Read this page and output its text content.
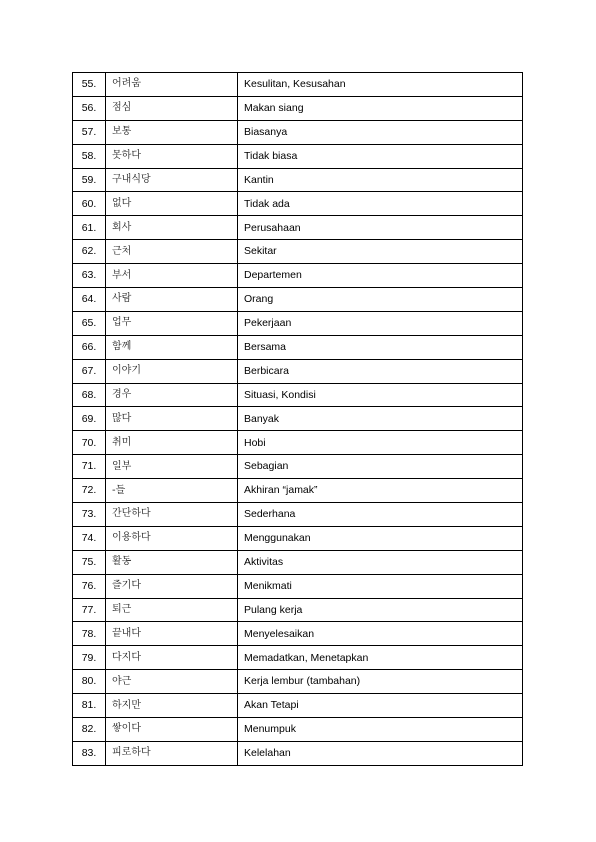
55.	어려움	Kesulitan, Kesusahan
56.	점심	Makan siang
57.	보통	Biasanya
58.	못하다	Tidak biasa
59.	구내식당	Kantin
60.	없다	Tidak ada
61.	회사	Perusahaan
62.	근처	Sekitar
63.	부서	Departemen
64.	사람	Orang
65.	업무	Pekerjaan
66.	함께	Bersama
67.	이야기	Berbicara
68.	경우	Situasi, Kondisi
69.	많다	Banyak
70.	취미	Hobi
71.	일부	Sebagian
72.	-들	Akhiran “jamak”
73.	간단하다	Sederhana
74.	이용하다	Menggunakan
75.	활동	Aktivitas
76.	즐기다	Menikmati
77.	퇴근	Pulang kerja
78.	끝내다	Menyelesaikan
79.	다지다	Memadatkan, Menetapkan
80.	야근	Kerja lembur (tambahan)
81.	하지만	Akan Tetapi
82.	쌓이다	Menumpuk
83.	피로하다	Kelelahan
